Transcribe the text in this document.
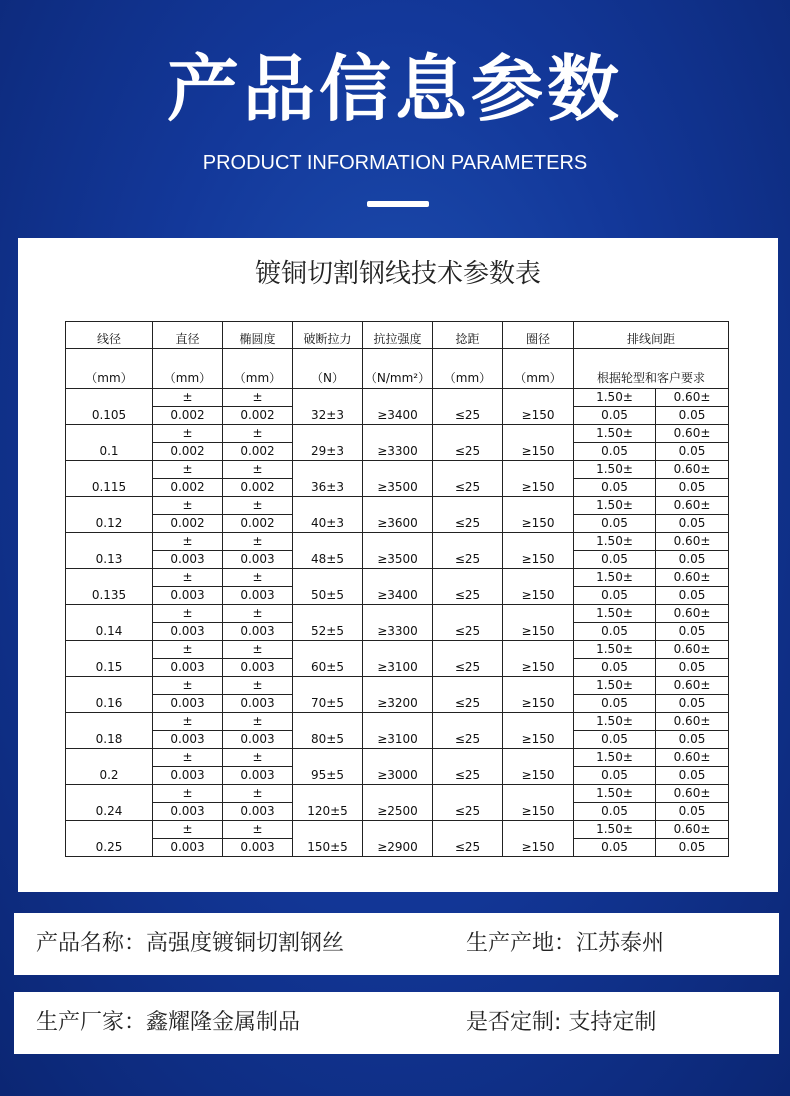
产品信息参数
PRODUCT INFORMATION PARAMETERS
镀铜切割钢线技术参数表
线径	直径	椭圆度	破断拉力	抗拉强度	捻距	圈径	排线间距	
（mm）	（mm）	（mm）	（N）	（N/mm²）	（mm）	（mm）	根据轮型和客户要求	
0.105	±	±	32±3	≥3400	≤25	≥150	1.50±	0.60±
	0.002	0.002					0.05	0.05
0.1	±	±	29±3	≥3300	≤25	≥150	1.50±	0.60±
	0.002	0.002					0.05	0.05
0.115	±	±	36±3	≥3500	≤25	≥150	1.50±	0.60±
	0.002	0.002					0.05	0.05
0.12	±	±	40±3	≥3600	≤25	≥150	1.50±	0.60±
	0.002	0.002					0.05	0.05
0.13	±	±	48±5	≥3500	≤25	≥150	1.50±	0.60±
	0.003	0.003					0.05	0.05
0.135	±	±	50±5	≥3400	≤25	≥150	1.50±	0.60±
	0.003	0.003					0.05	0.05
0.14	±	±	52±5	≥3300	≤25	≥150	1.50±	0.60±
	0.003	0.003					0.05	0.05
0.15	±	±	60±5	≥3100	≤25	≥150	1.50±	0.60±
	0.003	0.003					0.05	0.05
0.16	±	±	70±5	≥3200	≤25	≥150	1.50±	0.60±
	0.003	0.003					0.05	0.05
0.18	±	±	80±5	≥3100	≤25	≥150	1.50±	0.60±
	0.003	0.003					0.05	0.05
0.2	±	±	95±5	≥3000	≤25	≥150	1.50±	0.60±
	0.003	0.003					0.05	0.05
0.24	±	±	120±5	≥2500	≤25	≥150	1.50±	0.60±
	0.003	0.003					0.05	0.05
0.25	±	±	150±5	≥2900	≤25	≥150	1.50±	0.60±
	0.003	0.003					0.05	0.05
产品名称：高强度镀铜切割钢丝	生产产地：江苏泰州
生产厂家：鑫耀隆金属制品	是否定制: 支持定制
